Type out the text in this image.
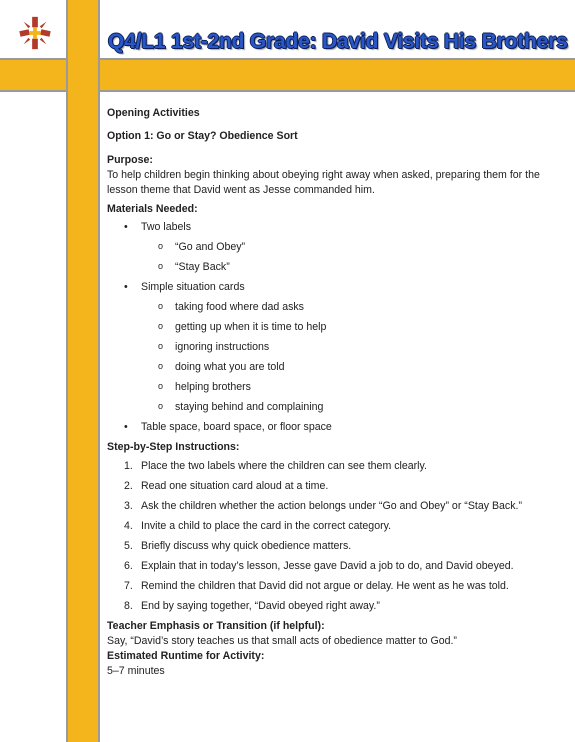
Q4/L1 1st-2nd Grade: David Visits His Brothers

Opening Activities

Option 1: Go or Stay? Obedience Sort

Purpose:

To help children begin thinking about obeying right away when asked, preparing them for the lesson theme that David went as Jesse commanded him.

Materials Needed:

• Two labels
o “Go and Obey”
o “Stay Back”
• Simple situation cards
o taking food where dad asks
o getting up when it is time to help
o ignoring instructions
o doing what you are told
o helping brothers
o staying behind and complaining
• Table space, board space, or floor space

Step-by-Step Instructions:

1. Place the two labels where the children can see them clearly.
2. Read one situation card aloud at a time.
3. Ask the children whether the action belongs under “Go and Obey” or “Stay Back.”
4. Invite a child to place the card in the correct category.
5. Briefly discuss why quick obedience matters.
6. Explain that in today’s lesson, Jesse gave David a job to do, and David obeyed.
7. Remind the children that David did not argue or delay. He went as he was told.
8. End by saying together, “David obeyed right away.”

Teacher Emphasis or Transition (if helpful):

Say, “David’s story teaches us that small acts of obedience matter to God.”

Estimated Runtime for Activity:

5–7 minutes
